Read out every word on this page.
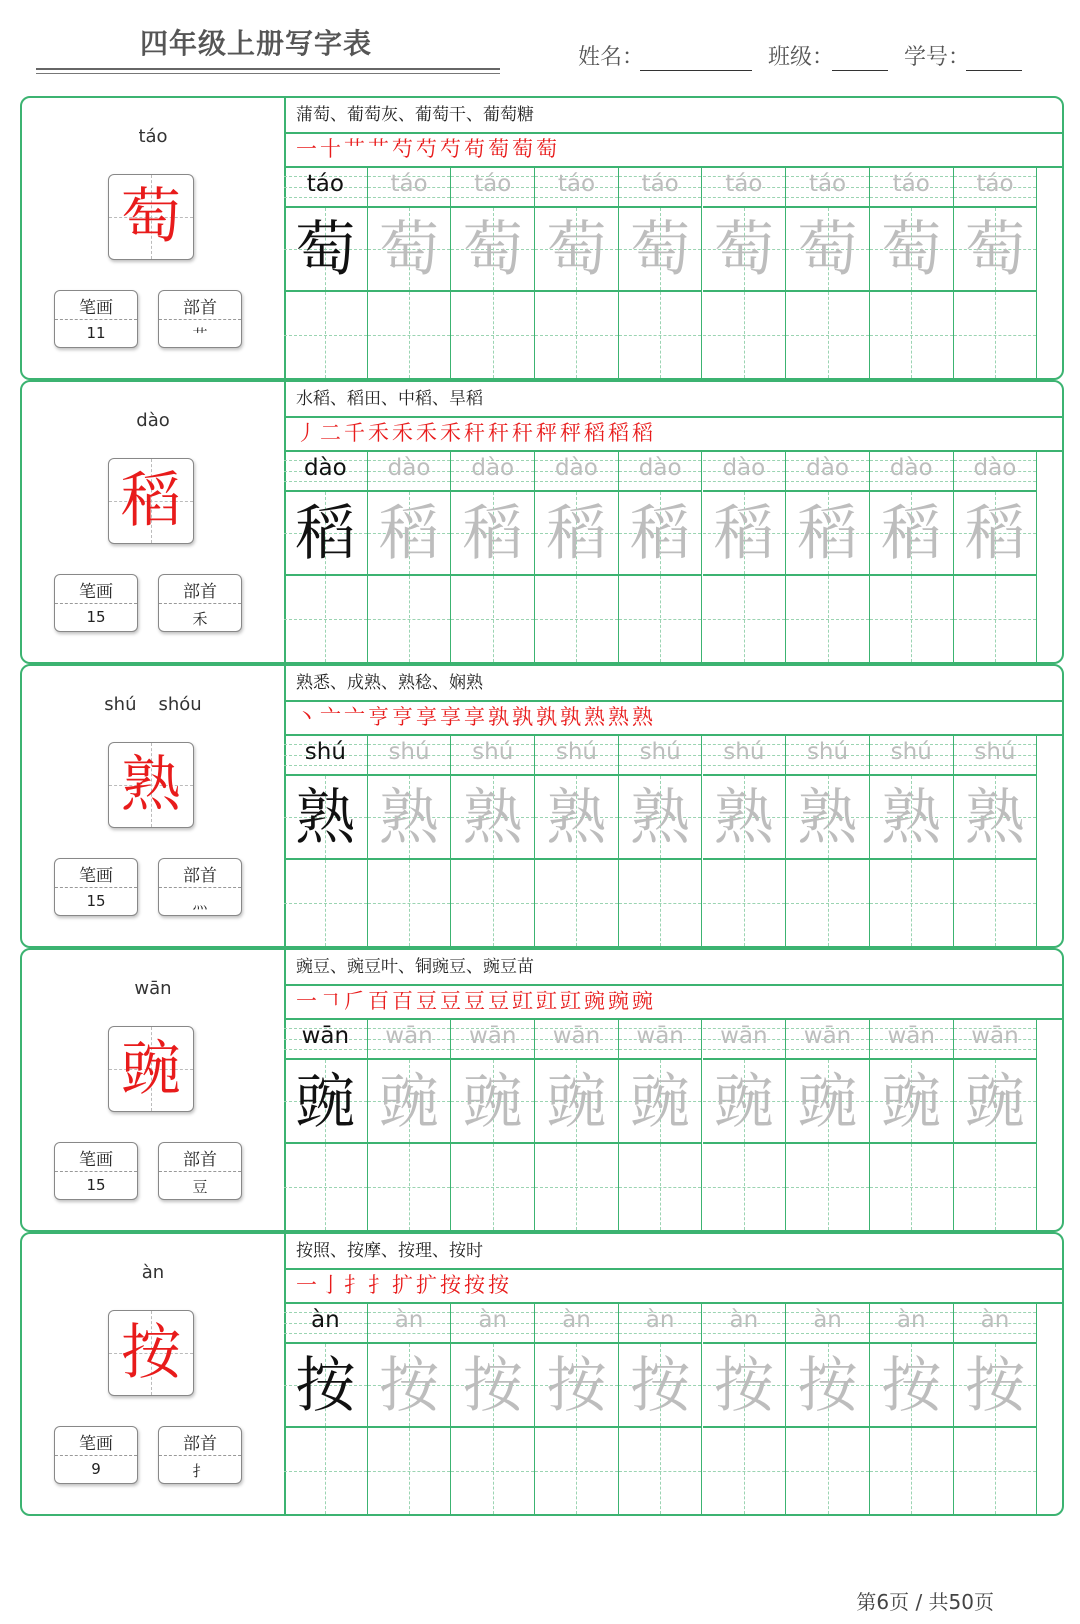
四年级上册写字表	姓名：	班级：	学号：
táo
萄
笔画
11
部首
艹
蒲萄、葡萄灰、葡萄干、葡萄糖
一十艹艹芍芍芍苟萄萄萄
táo
萄
táo
萄
táo
萄
táo
萄
táo
萄
táo
萄
táo
萄
táo
萄
táo
萄
dào
稻
笔画
15
部首
禾
水稻、稻田、中稻、旱稻
丿二千禾禾禾禾秆秆秆秤秤稻稻稻
dào
稻
dào
稻
dào
稻
dào
稻
dào
稻
dào
稻
dào
稻
dào
稻
dào
稻
shú shóu
熟
笔画
15
部首
灬
熟悉、成熟、熟稔、娴熟
丶亠亠亨亨享享享孰孰孰孰熟熟熟
shú
熟
shú
熟
shú
熟
shú
熟
shú
熟
shú
熟
shú
熟
shú
熟
shú
熟
wān
豌
笔画
15
部首
豆
豌豆、豌豆叶、铜豌豆、豌豆苗
一𠃍𠂆百百豆豆豆豆豇豇豇豌豌豌
wān
豌
wān
豌
wān
豌
wān
豌
wān
豌
wān
豌
wān
豌
wān
豌
wān
豌
àn
按
笔画
9
部首
扌
按照、按摩、按理、按时
一亅扌扌扩扩按按按
àn
按
àn
按
àn
按
àn
按
àn
按
àn
按
àn
按
àn
按
àn
按
第6页 / 共50页
